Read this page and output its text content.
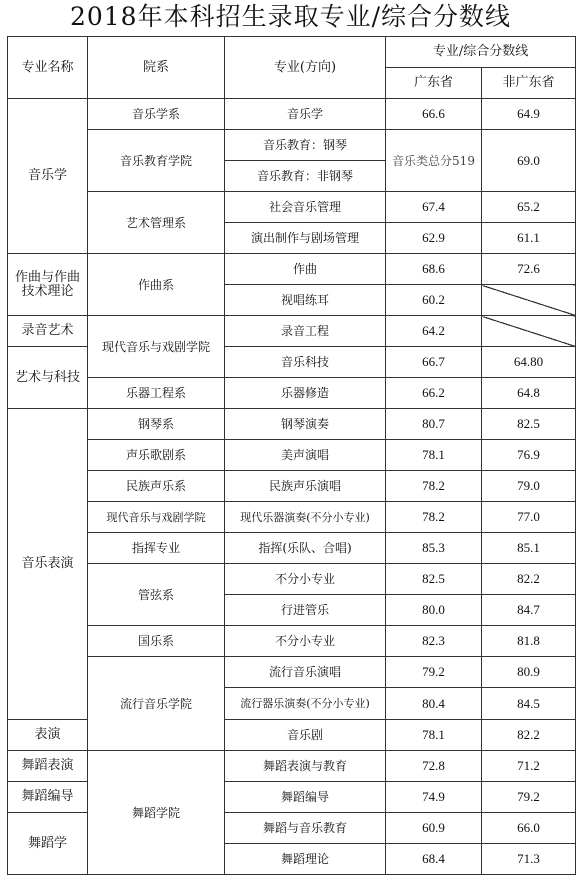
2018年本科招生录取专业/综合分数线
专业名称	院系	专业(方向)	专业/综合分数线	
			广东省	非广东省
音乐学	音乐学系	音乐学	66.6	64.9
	音乐教育学院	音乐教育：钢琴	音乐类总分519	69.0
		音乐教育：非钢琴		
	艺术管理系	社会音乐管理	67.4	65.2
		演出制作与剧场管理	62.9	61.1
作曲与作曲技术理论	作曲系	作曲	68.6	72.6
		视唱练耳	60.2	
录音艺术	现代音乐与戏剧学院	录音工程	64.2	
艺术与科技		音乐科技	66.7	64.80
	乐器工程系	乐器修造	66.2	64.8
音乐表演	钢琴系	钢琴演奏	80.7	82.5
	声乐歌剧系	美声演唱	78.1	76.9
	民族声乐系	民族声乐演唱	78.2	79.0
	现代音乐与戏剧学院	现代乐器演奏(不分小专业)	78.2	77.0
	指挥专业	指挥(乐队、合唱)	85.3	85.1
	管弦系	不分小专业	82.5	82.2
		行进管乐	80.0	84.7
	国乐系	不分小专业	82.3	81.8
	流行音乐学院	流行音乐演唱	79.2	80.9
		流行器乐演奏(不分小专业)	80.4	84.5
表演		音乐剧	78.1	82.2
舞蹈表演	舞蹈学院	舞蹈表演与教育	72.8	71.2
舞蹈编导		舞蹈编导	74.9	79.2
舞蹈学		舞蹈与音乐教育	60.9	66.0
		舞蹈理论	68.4	71.3
